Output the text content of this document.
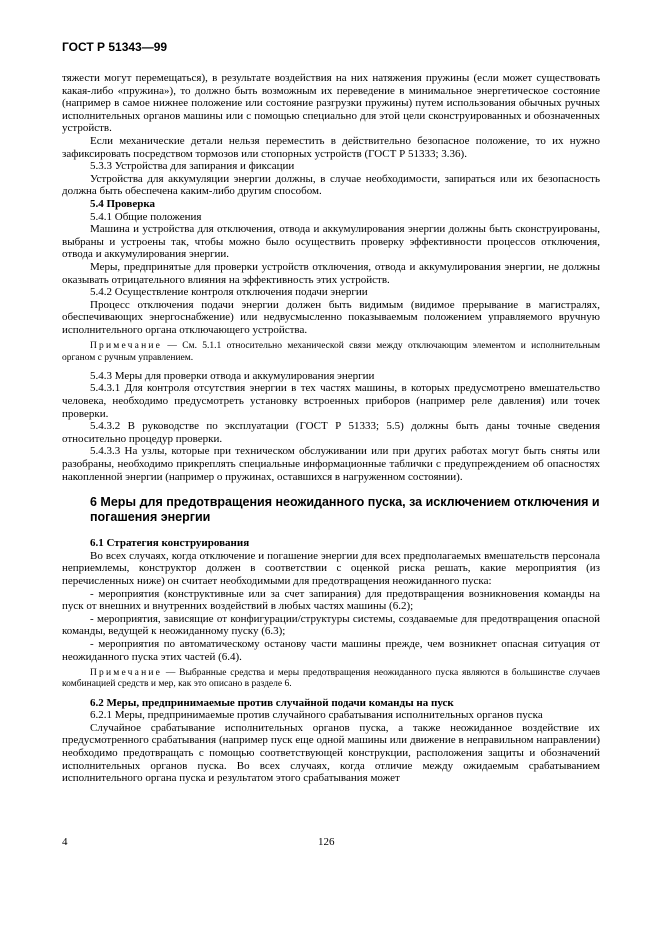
ГОСТ Р 51343—99

тяжести могут перемещаться), в результате воздействия на них натяжения пружины (если может существовать какая-либо «пружина»), то должно быть возможным их переведение в минимальное энергетическое состояние (например в самое нижнее положение или состояние разгрузки пружины) путем использования обычных ручных исполнительных органов машины или с помощью специально для этой цели сконструированных и обозначенных устройств.

Если механические детали нельзя переместить в действительно безопасное положение, то их нужно зафиксировать посредством тормозов или стопорных устройств (ГОСТ Р 51333; 3.36).

5.3.3 Устройства для запирания и фиксации

Устройства для аккумуляции энергии должны, в случае необходимости, запираться или их безопасность должна быть обеспечена каким-либо другим способом.

5.4 Проверка
5.4.1 Общие положения

Машина и устройства для отключения, отвода и аккумулирования энергии должны быть сконструированы, выбраны и устроены так, чтобы можно было осуществить проверку эффективности процессов отключения, отвода и аккумулирования энергии.

Меры, предпринятые для проверки устройств отключения, отвода и аккумулирования энергии, не должны оказывать отрицательного влияния на эффективность этих устройств.

5.4.2 Осуществление контроля отключения подачи энергии

Процесс отключения подачи энергии должен быть видимым (видимое прерывание в магистралях, обеспечивающих энергоснабжение) или недвусмысленно показываемым положением управляемого вручную исполнительного органа отключающего устройства.

Примечание — См. 5.1.1 относительно механической связи между отключающим элементом и исполнительным органом с ручным управлением.
5.4.3 Меры для проверки отвода и аккумулирования энергии

5.4.3.1 Для контроля отсутствия энергии в тех частях машины, в которых предусмотрено вмешательство человека, необходимо предусмотреть установку встроенных приборов (например реле давления) или точек проверки.

5.4.3.2 В руководстве по эксплуатации (ГОСТ Р 51333; 5.5) должны быть даны точные сведения относительно процедур проверки.

5.4.3.3 На узлы, которые при техническом обслуживании или при других работах могут быть сняты или разобраны, необходимо прикреплять специальные информационные таблички с предупреждением об опасностях накопленной энергии (например о пружинах, оставшихся в нагруженном состоянии).

6 Меры для предотвращения неожиданного пуска, за исключением отключения и погашения энергии
6.1 Стратегия конструирования

Во всех случаях, когда отключение и погашение энергии для всех предполагаемых вмешательств персонала неприемлемы, конструктор должен в соответствии с оценкой риска решать, какие мероприятия (из перечисленных ниже) он считает необходимыми для предотвращения неожиданного пуска:

- мероприятия (конструктивные или за счет запирания) для предотвращения возникновения команды на пуск от внешних и внутренних воздействий в любых частях машины (6.2);

- мероприятия, зависящие от конфигурации/структуры системы, создаваемые для предотвращения опасной команды, ведущей к неожиданному пуску (6.3);

- мероприятия по автоматическому останову части машины прежде, чем возникнет опасная ситуация от неожиданного пуска этих частей (6.4).

Примечание — Выбранные средства и меры предотвращения неожиданного пуска являются в большинстве случаев комбинацией средств и мер, как это описано в разделе 6.
6.2 Меры, предпринимаемые против случайной подачи команды на пуск

6.2.1 Меры, предпринимаемые против случайного срабатывания исполнительных органов пуска

Случайное срабатывание исполнительных органов пуска, а также неожиданное воздействие их предусмотренного срабатывания (например пуск еще одной машины или движение в неправильном направлении) необходимо предотвращать с помощью соответствующей конструкции, расположения защиты и обозначений исполнительных органов пуска. Во всех случаях, когда отличие между ожидаемым срабатыванием исполнительного органа пуска и результатом этого срабатывания может

4	126
